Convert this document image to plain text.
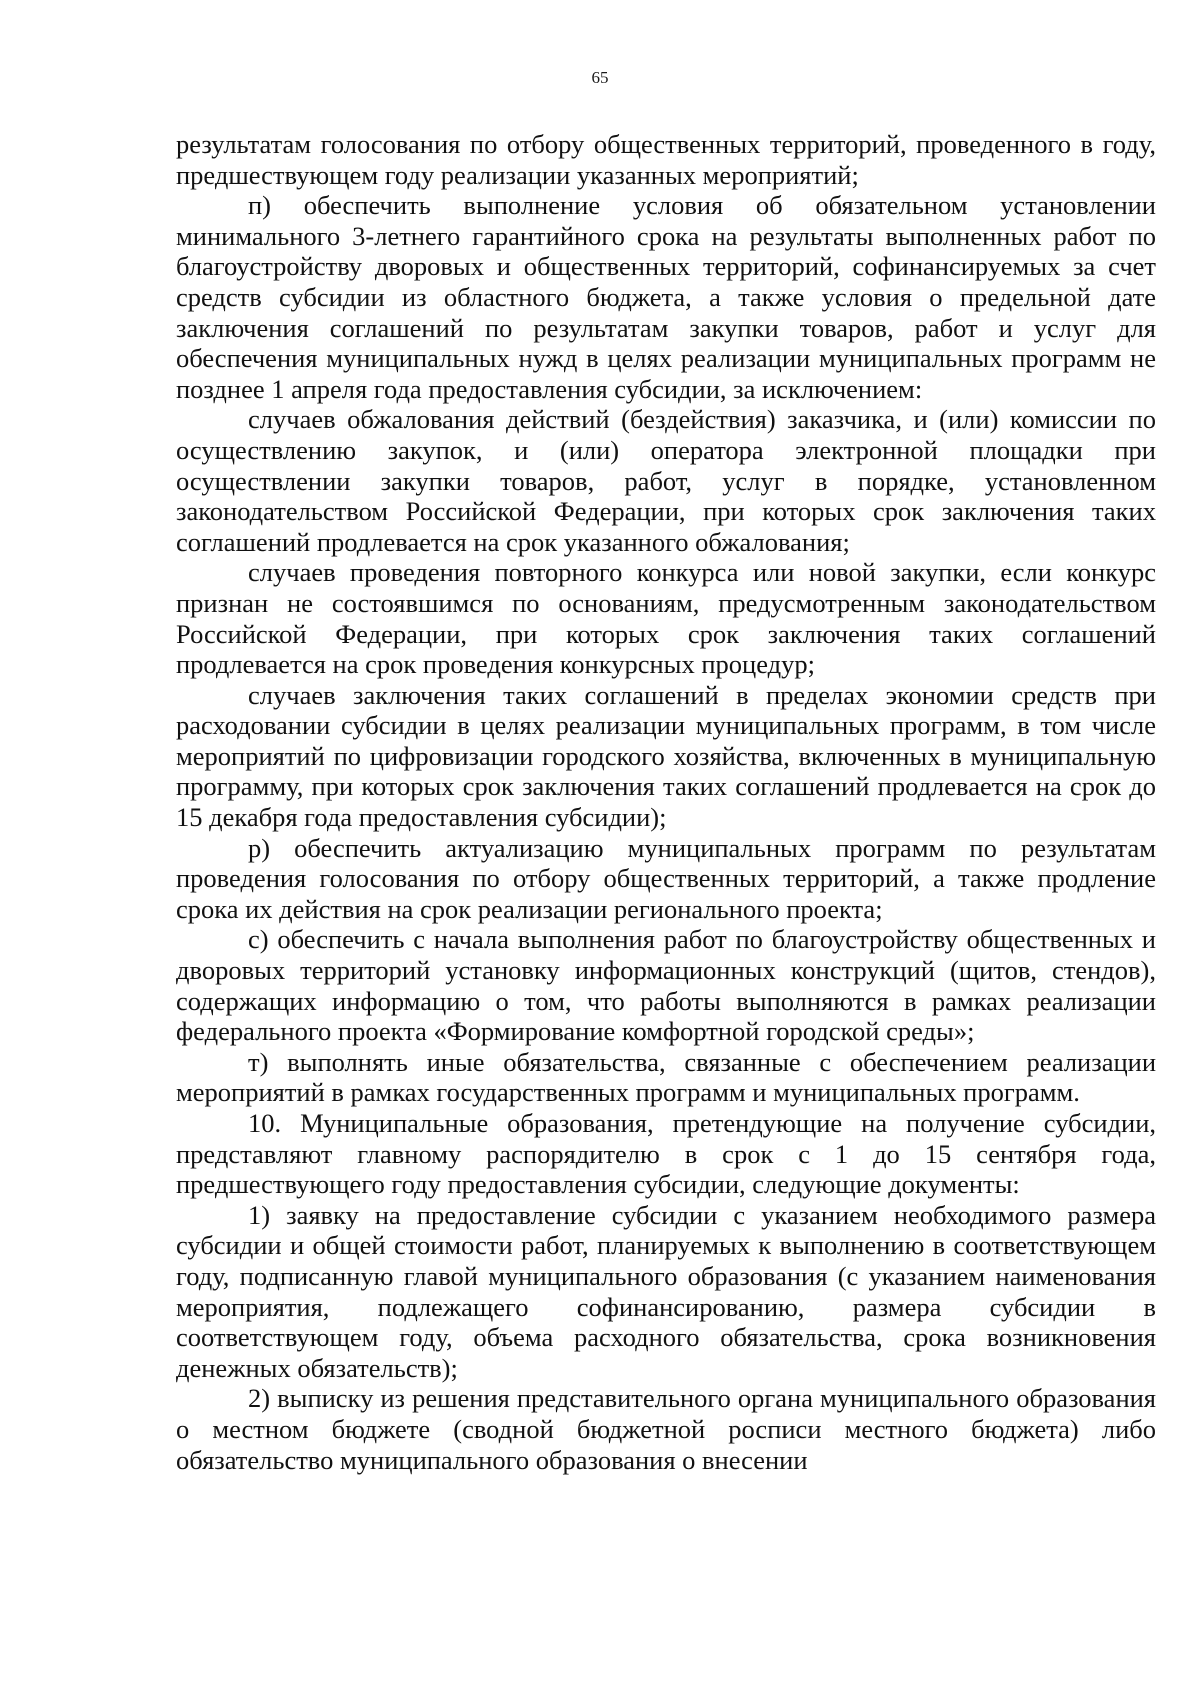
65

результатам голосования по отбору общественных территорий, проведенного в году, предшествующем году реализации указанных мероприятий;

п) обеспечить выполнение условия об обязательном установлении минимального 3-летнего гарантийного срока на результаты выполненных работ по благоустройству дворовых и общественных территорий, софинансируемых за счет средств субсидии из областного бюджета, а также условия о предельной дате заключения соглашений по результатам закупки товаров, работ и услуг для обеспечения муниципальных нужд в целях реализации муниципальных программ не позднее 1 апреля года предоставления субсидии, за исключением:

случаев обжалования действий (бездействия) заказчика, и (или) комиссии по осуществлению закупок, и (или) оператора электронной площадки при осуществлении закупки товаров, работ, услуг в порядке, установленном законодательством Российской Федерации, при которых срок заключения таких соглашений продлевается на срок указанного обжалования;

случаев проведения повторного конкурса или новой закупки, если конкурс признан не состоявшимся по основаниям, предусмотренным законодательством Российской Федерации, при которых срок заключения таких соглашений продлевается на срок проведения конкурсных процедур;

случаев заключения таких соглашений в пределах экономии средств при расходовании субсидии в целях реализации муниципальных программ, в том числе мероприятий по цифровизации городского хозяйства, включенных в муниципальную программу, при которых срок заключения таких соглашений продлевается на срок до 15 декабря года предоставления субсидии);

р) обеспечить актуализацию муниципальных программ по результатам проведения голосования по отбору общественных территорий, а также продление срока их действия на срок реализации регионального проекта;

с) обеспечить с начала выполнения работ по благоустройству общественных и дворовых территорий установку информационных конструкций (щитов, стендов), содержащих информацию о том, что работы выполняются в рамках реализации федерального проекта «Формирование комфортной городской среды»;

т) выполнять иные обязательства, связанные с обеспечением реализации мероприятий в рамках государственных программ и муниципальных программ.

10. Муниципальные образования, претендующие на получение субсидии, представляют главному распорядителю в срок с 1 до 15 сентября года, предшествующего году предоставления субсидии, следующие документы:

1) заявку на предоставление субсидии с указанием необходимого размера субсидии и общей стоимости работ, планируемых к выполнению в соответствующем году, подписанную главой муниципального образования (с указанием наименования мероприятия, подлежащего софинансированию, размера субсидии в соответствующем году, объема расходного обязательства, срока возникновения денежных обязательств);

2) выписку из решения представительного органа муниципального образования о местном бюджете (сводной бюджетной росписи местного бюджета) либо обязательство муниципального образования о внесении
